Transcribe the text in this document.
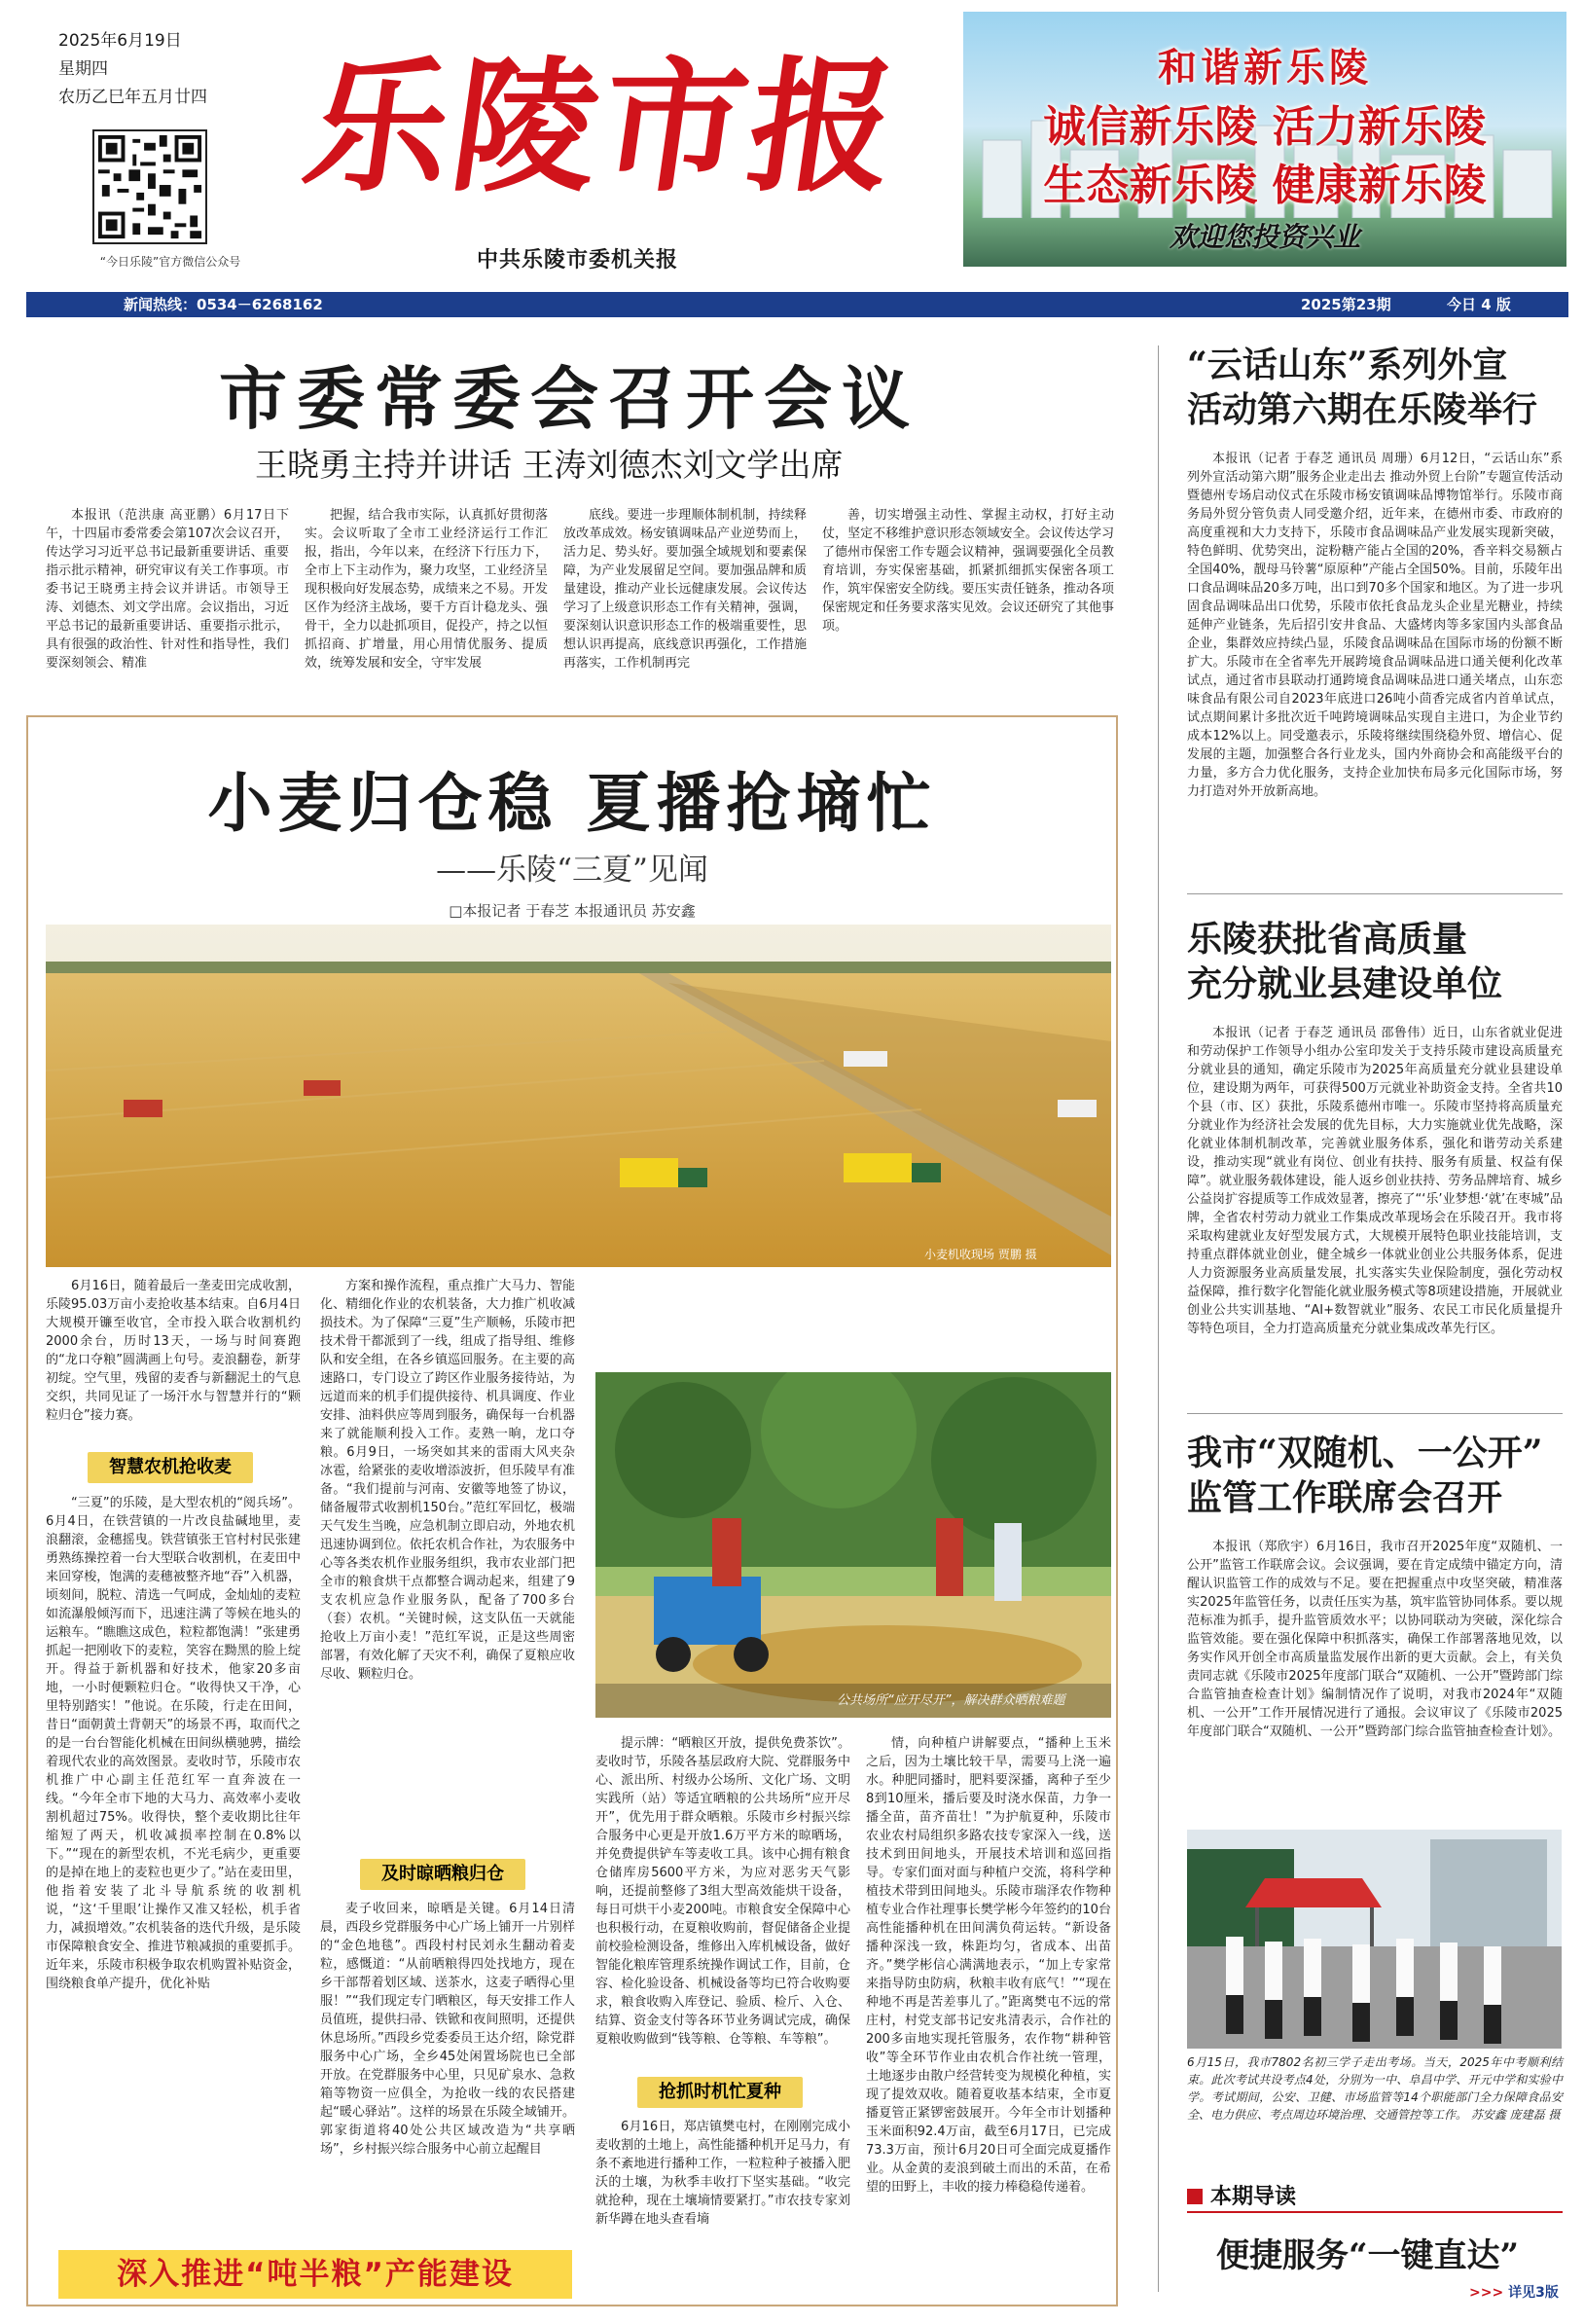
2025年6月19日
星期四
农历乙巳年五月廿四
“今日乐陵”官方微信公众号
乐陵市报
中共乐陵市委机关报
和谐新乐陵
诚信新乐陵 活力新乐陵
生态新乐陵 健康新乐陵
欢迎您投资兴业
新闻热线：0534－6268162	2025第23期	今日 4 版
市委常委会召开会议
王晓勇主持并讲话 王涛刘德杰刘文学出席

本报讯（范洪康 高亚鹏）6月17日下午，十四届市委常委会第107次会议召开，传达学习习近平总书记最新重要讲话、重要指示批示精神，研究审议有关工作事项。市委书记王晓勇主持会议并讲话。市领导王涛、刘德杰、刘文学出席。会议指出，习近平总书记的最新重要讲话、重要指示批示，具有很强的政治性、针对性和指导性，我们要深刻领会、精准

把握，结合我市实际，认真抓好贯彻落实。会议听取了全市工业经济运行工作汇报，指出，今年以来，在经济下行压力下，全市上下主动作为，聚力攻坚，工业经济呈现积极向好发展态势，成绩来之不易。开发区作为经济主战场，要千方百计稳龙头、强骨干，全力以赴抓项目，促投产，持之以恒抓招商、扩增量，用心用情优服务、提质效，统筹发展和安全，守牢发展

底线。要进一步理顺体制机制，持续释放改革成效。杨安镇调味品产业逆势而上，活力足、势头好。要加强全域规划和要素保障，为产业发展留足空间。要加强品牌和质量建设，推动产业长远健康发展。会议传达学习了上级意识形态工作有关精神，强调，要深刻认识意识形态工作的极端重要性，思想认识再提高，底线意识再强化，工作措施再落实，工作机制再完

善，切实增强主动性、掌握主动权，打好主动仗，坚定不移维护意识形态领域安全。会议传达学习了德州市保密工作专题会议精神，强调要强化全员教育培训，夯实保密基础，抓紧抓细抓实保密各项工作，筑牢保密安全防线。要压实责任链条，推动各项保密规定和任务要求落实见效。会议还研究了其他事项。

小麦归仓稳 夏播抢墒忙
——乐陵“三夏”见闻
□本报记者 于春芝 本报通讯员 苏安鑫
小麦机收现场 贾鹏 摄

6月16日，随着最后一垄麦田完成收割，乐陵95.03万亩小麦抢收基本结束。自6月4日大规模开镰至收官，全市投入联合收割机约2000余台，历时13天，一场与时间赛跑的“龙口夺粮”圆满画上句号。麦浪翻卷，新芽初绽。空气里，残留的麦香与新翻泥土的气息交织，共同见证了一场汗水与智慧并行的“颗粒归仓”接力赛。

智慧农机抢收麦

“三夏”的乐陵，是大型农机的“阅兵场”。6月4日，在铁营镇的一片改良盐碱地里，麦浪翻滚，金穗摇曳。铁营镇张王官村村民张建勇熟练操控着一台大型联合收割机，在麦田中来回穿梭，饱满的麦穗被整齐地“吞”入机器，顷刻间，脱粒、清选一气呵成，金灿灿的麦粒如流瀑般倾泻而下，迅速注满了等候在地头的运粮车。“瞧瞧这成色，粒粒都饱满！”张建勇抓起一把刚收下的麦粒，笑容在黝黑的脸上绽开。得益于新机器和好技术，他家20多亩地，一小时便颗粒归仓。“收得快又干净，心里特别踏实！”他说。在乐陵，行走在田间，昔日“面朝黄土背朝天”的场景不再，取而代之的是一台台智能化机械在田间纵横驰骋，描绘着现代农业的高效图景。麦收时节，乐陵市农机推广中心副主任范红军一直奔波在一线。“今年全市下地的大马力、高效率小麦收割机超过75%。收得快，整个麦收期比往年缩短了两天，机收减损率控制在0.8%以下。”“现在的新型农机，不光毛病少，更重要的是掉在地上的麦粒也更少了。”站在麦田里，他指着安装了北斗导航系统的收割机说，“这‘千里眼’让操作又准又轻松，机手省力，减损增效。”农机装备的迭代升级，是乐陵市保障粮食安全、推进节粮减损的重要抓手。近年来，乐陵市积极争取农机购置补贴资金，围绕粮食单产提升，优化补贴

方案和操作流程，重点推广大马力、智能化、精细化作业的农机装备，大力推广机收减损技术。为了保障“三夏”生产顺畅，乐陵市把技术骨干都派到了一线，组成了指导组、维修队和安全组，在各乡镇巡回服务。在主要的高速路口，专门设立了跨区作业服务接待站，为远道而来的机手们提供接待、机具调度、作业安排、油料供应等周到服务，确保每一台机器来了就能顺利投入工作。麦熟一晌，龙口夺粮。6月9日，一场突如其来的雷雨大风夹杂冰雹，给紧张的麦收增添波折，但乐陵早有准备。“我们提前与河南、安徽等地签了协议，储备履带式收割机150台。”范红军回忆，极端天气发生当晚，应急机制立即启动，外地农机迅速协调到位。依托农机合作社，为农服务中心等各类农机作业服务组织，我市农业部门把全市的粮食烘干点都整合调动起来，组建了9支农机应急作业服务队，配备了700多台（套）农机。“关键时候，这支队伍一天就能抢收上万亩小麦！”范红军说，正是这些周密部署，有效化解了天灾不利，确保了夏粮应收尽收、颗粒归仓。

及时晾晒粮归仓

麦子收回来，晾晒是关键。6月14日清晨，西段乡党群服务中心广场上铺开一片别样的“金色地毯”。西段村村民刘永生翻动着麦粒，感慨道：“从前晒粮得四处找地方，现在乡干部帮着划区域、送茶水，这麦子晒得心里服！”“我们现定专门晒粮区，每天安排工作人员值班，提供扫帚、铁锨和夜间照明，还提供休息场所。”西段乡党委委员王达介绍，除党群服务中心广场，全乡45处闲置场院也已全部开放。在党群服务中心里，只见矿泉水、急救箱等物资一应俱全，为抢收一线的农民搭建起“暖心驿站”。这样的场景在乐陵全域铺开。郭家街道将40处公共区域改造为“共享晒场”，乡村振兴综合服务中心前立起醒目

公共场所“应开尽开”，解决群众晒粮难题

提示牌：“晒粮区开放，提供免费茶饮”。麦收时节，乐陵各基层政府大院、党群服务中心、派出所、村级办公场所、文化广场、文明实践所（站）等适宜晒粮的公共场所“应开尽开”，优先用于群众晒粮。乐陵市乡村振兴综合服务中心更是开放1.6万平方米的晾晒场，并免费提供铲车等麦收工具。该中心拥有粮食仓储库房5600平方米，为应对恶劣天气影响，还提前整修了3组大型高效能烘干设备，每日可烘干小麦200吨。市粮食安全保障中心也积极行动，在夏粮收购前，督促储备企业提前校验检测设备，维修出入库机械设备，做好智能化粮库管理系统操作调试工作，目前，仓容、检化验设备、机械设备等均已符合收购要求，粮食收购入库登记、验质、检斤、入仓、结算、资金支付等各环节业务调试完成，确保夏粮收购做到“钱等粮、仓等粮、车等粮”。

抢抓时机忙夏种

6月16日，郑店镇樊屯村，在刚刚完成小麦收割的土地上，高性能播种机开足马力，有条不紊地进行播种工作，一粒粒种子被播入肥沃的土壤，为秋季丰收打下坚实基础。“收完就抢种，现在土壤墒情要紧打。”市农技专家刘新华蹲在地头查看墒

情，向种植户讲解要点，“播种上玉米之后，因为土壤比较干旱，需要马上浇一遍水。种肥同播时，肥料要深播，离种子至少8到10厘米，播后要及时浇水保苗，力争一播全苗，苗齐苗壮！”为护航夏种，乐陵市农业农村局组织多路农技专家深入一线，送技术到田间地头，开展技术培训和巡回指导。专家们面对面与种植户交流，将科学种植技术带到田间地头。乐陵市瑞泽农作物种植专业合作社理事长樊学彬今年签约的10台高性能播种机在田间满负荷运转。“新设备播种深浅一致，株距均匀，省成本、出苗齐。”樊学彬信心满满地表示，“加上专家常来指导防虫防病，秋粮丰收有底气！”“现在种地不再是苦差事儿了。”距离樊屯不远的常庄村，村党支部书记安兆清表示，合作社的200多亩地实现托管服务，农作物“耕种管收”等全环节作业由农机合作社统一管理，土地逐步由散户经营转变为规模化种植，实现了提效双收。随着夏收基本结束，全市夏播夏管正紧锣密鼓展开。今年全市计划播种玉米面积92.4万亩，截至6月17日，已完成73.3万亩，预计6月20日可全面完成夏播作业。从金黄的麦浪到破土而出的禾苗，在希望的田野上，丰收的接力棒稳稳传递着。

深入推进“吨半粮”产能建设
“云话山东”系列外宣
活动第六期在乐陵举行

本报讯（记者 于春芝 通讯员 周珊）6月12日，“云话山东”系列外宣活动第六期”服务企业走出去 推动外贸上台阶”专题宣传活动暨德州专场启动仪式在乐陵市杨安镇调味品博物馆举行。乐陵市商务局外贸分管负责人同受邀介绍，近年来，在德州市委、市政府的高度重视和大力支持下，乐陵市食品调味品产业发展实现新突破，特色鲜明、优势突出，淀粉糖产能占全国的20%，香辛料交易额占全国40%，靓母马铃薯“原原种”产能占全国50%。目前，乐陵年出口食品调味品20多万吨，出口到70多个国家和地区。为了进一步巩固食品调味品出口优势，乐陵市依托食品龙头企业星光糖业，持续延伸产业链条，先后招引安井食品、大盛烤肉等多家国内头部食品企业，集群效应持续凸显，乐陵食品调味品在国际市场的份额不断扩大。乐陵市在全省率先开展跨境食品调味品进口通关便利化改革试点，通过省市县联动打通跨境食品调味品进口通关堵点，山东恋味食品有限公司自2023年底进口26吨小茴香完成省内首单试点，试点期间累计多批次近千吨跨境调味品实现自主进口，为企业节约成本12%以上。同受邀表示，乐陵将继续围绕稳外贸、增信心、促发展的主题，加强整合各行业龙头，国内外商协会和高能级平台的力量，多方合力优化服务，支持企业加快布局多元化国际市场，努力打造对外开放新高地。

乐陵获批省高质量
充分就业县建设单位

本报讯（记者 于春芝 通讯员 邵鲁伟）近日，山东省就业促进和劳动保护工作领导小组办公室印发关于支持乐陵市建设高质量充分就业县的通知，确定乐陵市为2025年高质量充分就业县建设单位，建设期为两年，可获得500万元就业补助资金支持。全省共10个县（市、区）获批，乐陵系德州市唯一。乐陵市坚持将高质量充分就业作为经济社会发展的优先目标，大力实施就业优先战略，深化就业体制机制改革，完善就业服务体系，强化和谐劳动关系建设，推动实现“就业有岗位、创业有扶持、服务有质量、权益有保障”。就业服务载体建设，能人返乡创业扶持、劳务品牌培育、城乡公益岗扩容提质等工作成效显著，擦亮了“‘乐’业梦想·‘就’在枣城”品牌，全省农村劳动力就业工作集成改革现场会在乐陵召开。我市将采取构建就业友好型发展方式，大规模开展特色职业技能培训，支持重点群体就业创业，健全城乡一体就业创业公共服务体系，促进人力资源服务业高质量发展，扎实落实失业保险制度，强化劳动权益保障，推行数字化智能化就业服务模式等8项建设措施，开展就业创业公共实训基地、“AI+数智就业”服务、农民工市民化质量提升等特色项目，全力打造高质量充分就业集成改革先行区。

我市“双随机、一公开”
监管工作联席会召开

本报讯（郑欣宇）6月16日，我市召开2025年度“双随机、一公开”监管工作联席会议。会议强调，要在肯定成绩中锚定方向，清醒认识监管工作的成效与不足。要在把握重点中攻坚突破，精准落实2025年监管任务，以责任压实为基，筑牢监管协同体系。要以规范标准为抓手，提升监管质效水平；以协同联动为突破，深化综合监管效能。要在强化保障中积抓落实，确保工作部署落地见效，以务实作风开创全市高质量监发展作出新的更大贡献。会上，有关负责同志就《乐陵市2025年度部门联合“双随机、一公开”暨跨部门综合监管抽查检查计划》编制情况作了说明，对我市2024年“双随机、一公开”工作开展情况进行了通报。会议审议了《乐陵市2025年度部门联合“双随机、一公开”暨跨部门综合监管抽查检查计划》。

6月15日，我市7802名初三学子走出考场。当天，2025年中考顺利结束。此次考试共设考点4处，分别为一中、阜昌中学、开元中学和实验中学。考试期间，公安、卫健、市场监管等14个职能部门全力保障食品安全、电力供应、考点周边环境治理、交通管控等工作。 苏安鑫 庞建磊 摄
本期导读
便捷服务“一键直达”
>>> 详见3版
